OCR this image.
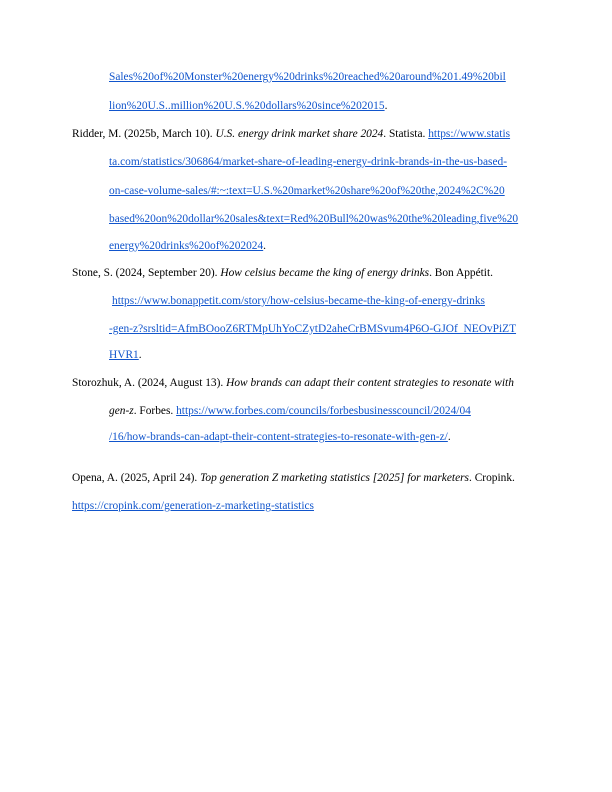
Sales%20of%20Monster%20energy%20drinks%20reached%20around%201.49%20bil
lion%20U.S..million%20U.S.%20dollars%20since%202015.
Ridder, M. (2025b, March 10). U.S. energy drink market share 2024. Statista. https://www.statis
ta.com/statistics/306864/market-share-of-leading-energy-drink-brands-in-the-us-based-
on-case-volume-sales/#:~:text=U.S.%20market%20share%20of%20the,2024%2C%20
based%20on%20dollar%20sales&text=Red%20Bull%20was%20the%20leading,five%20
energy%20drinks%20of%202024.
Stone, S. (2024, September 20). How celsius became the king of energy drinks. Bon Appétit.
https://www.bonappetit.com/story/how-celsius-became-the-king-of-energy-drinks
-gen-z?srsltid=AfmBOooZ6RTMpUhYoCZytD2aheCrBMSvum4P6O-GJOf_NEOvPiZT
HVR1.
Storozhuk, A. (2024, August 13). How brands can adapt their content strategies to resonate with
gen-z. Forbes. https://www.forbes.com/councils/forbesbusinesscouncil/2024/04
/16/how-brands-can-adapt-their-content-strategies-to-resonate-with-gen-z/.
Opena, A. (2025, April 24). Top generation Z marketing statistics [2025] for marketers. Cropink.
https://cropink.com/generation-z-marketing-statistics
